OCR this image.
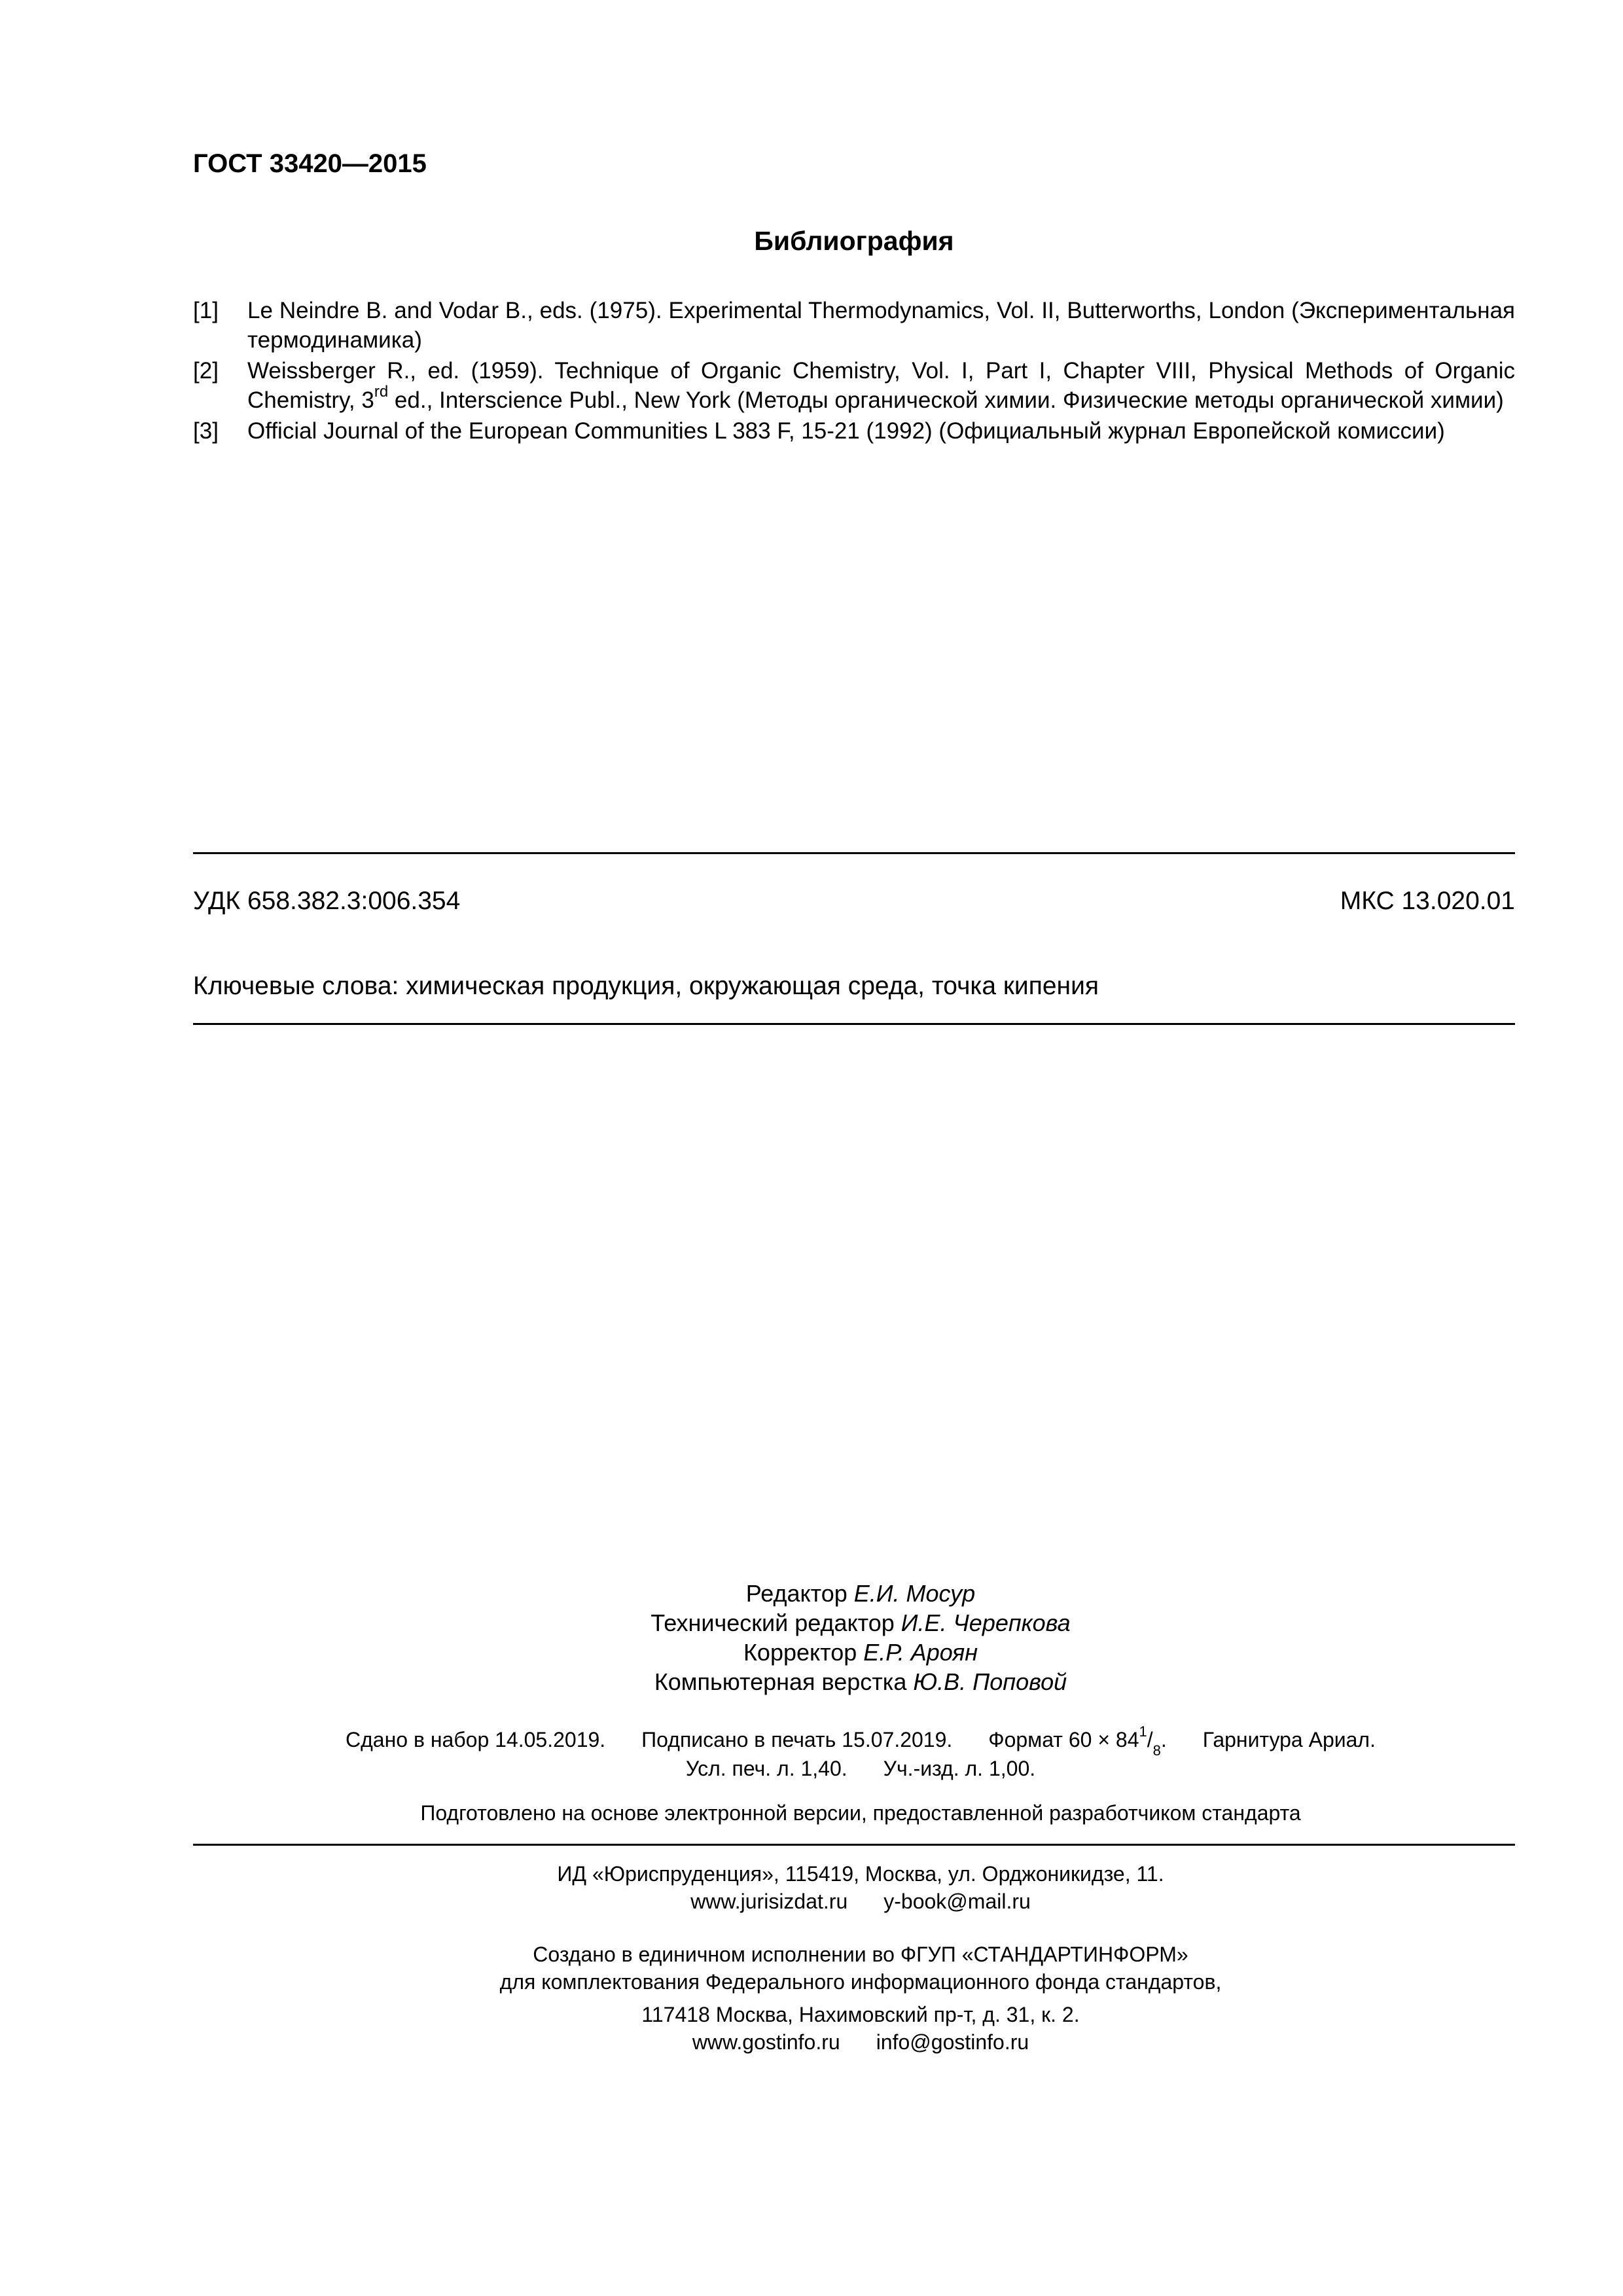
ГОСТ 33420—2015
Библиография
[1] Le Neindre B. and Vodar B., eds. (1975). Experimental Thermodynamics, Vol. II, Butterworths, London (Экспериментальная термодинамика)
[2] Weissberger R., ed. (1959). Technique of Organic Chemistry, Vol. I, Part I, Chapter VIII, Physical Methods of Organic Chemistry, 3rd ed., Interscience Publ., New York (Методы органической химии. Физические методы органической химии)
[3] Official Journal of the European Communities L 383 F, 15-21 (1992) (Официальный журнал Европейской комиссии)
УДК 658.382.3:006.354	МКС 13.020.01
Ключевые слова: химическая продукция, окружающая среда, точка кипения
Редактор Е.И. Мосур
Технический редактор И.Е. Черепкова
Корректор Е.Р. Ароян
Компьютерная верстка Ю.В. Поповой
Сдано в набор 14.05.2019. Подписано в печать 15.07.2019. Формат $60 \times 84^1/_8$. Гарнитура Ариал.
Усл. печ. л. 1,40. Уч.-изд. л. 1,00.
Подготовлено на основе электронной версии, предоставленной разработчиком стандарта
ИД «Юриспруденция», 115419, Москва, ул. Орджоникидзе, 11.
www.jurisizdat.ru y-book@mail.ru
Создано в единичном исполнении во ФГУП «СТАНДАРТИНФОРМ»
для комплектования Федерального информационного фонда стандартов,
117418 Москва, Нахимовский пр-т, д. 31, к. 2.
www.gostinfo.ru info@gostinfo.ru
